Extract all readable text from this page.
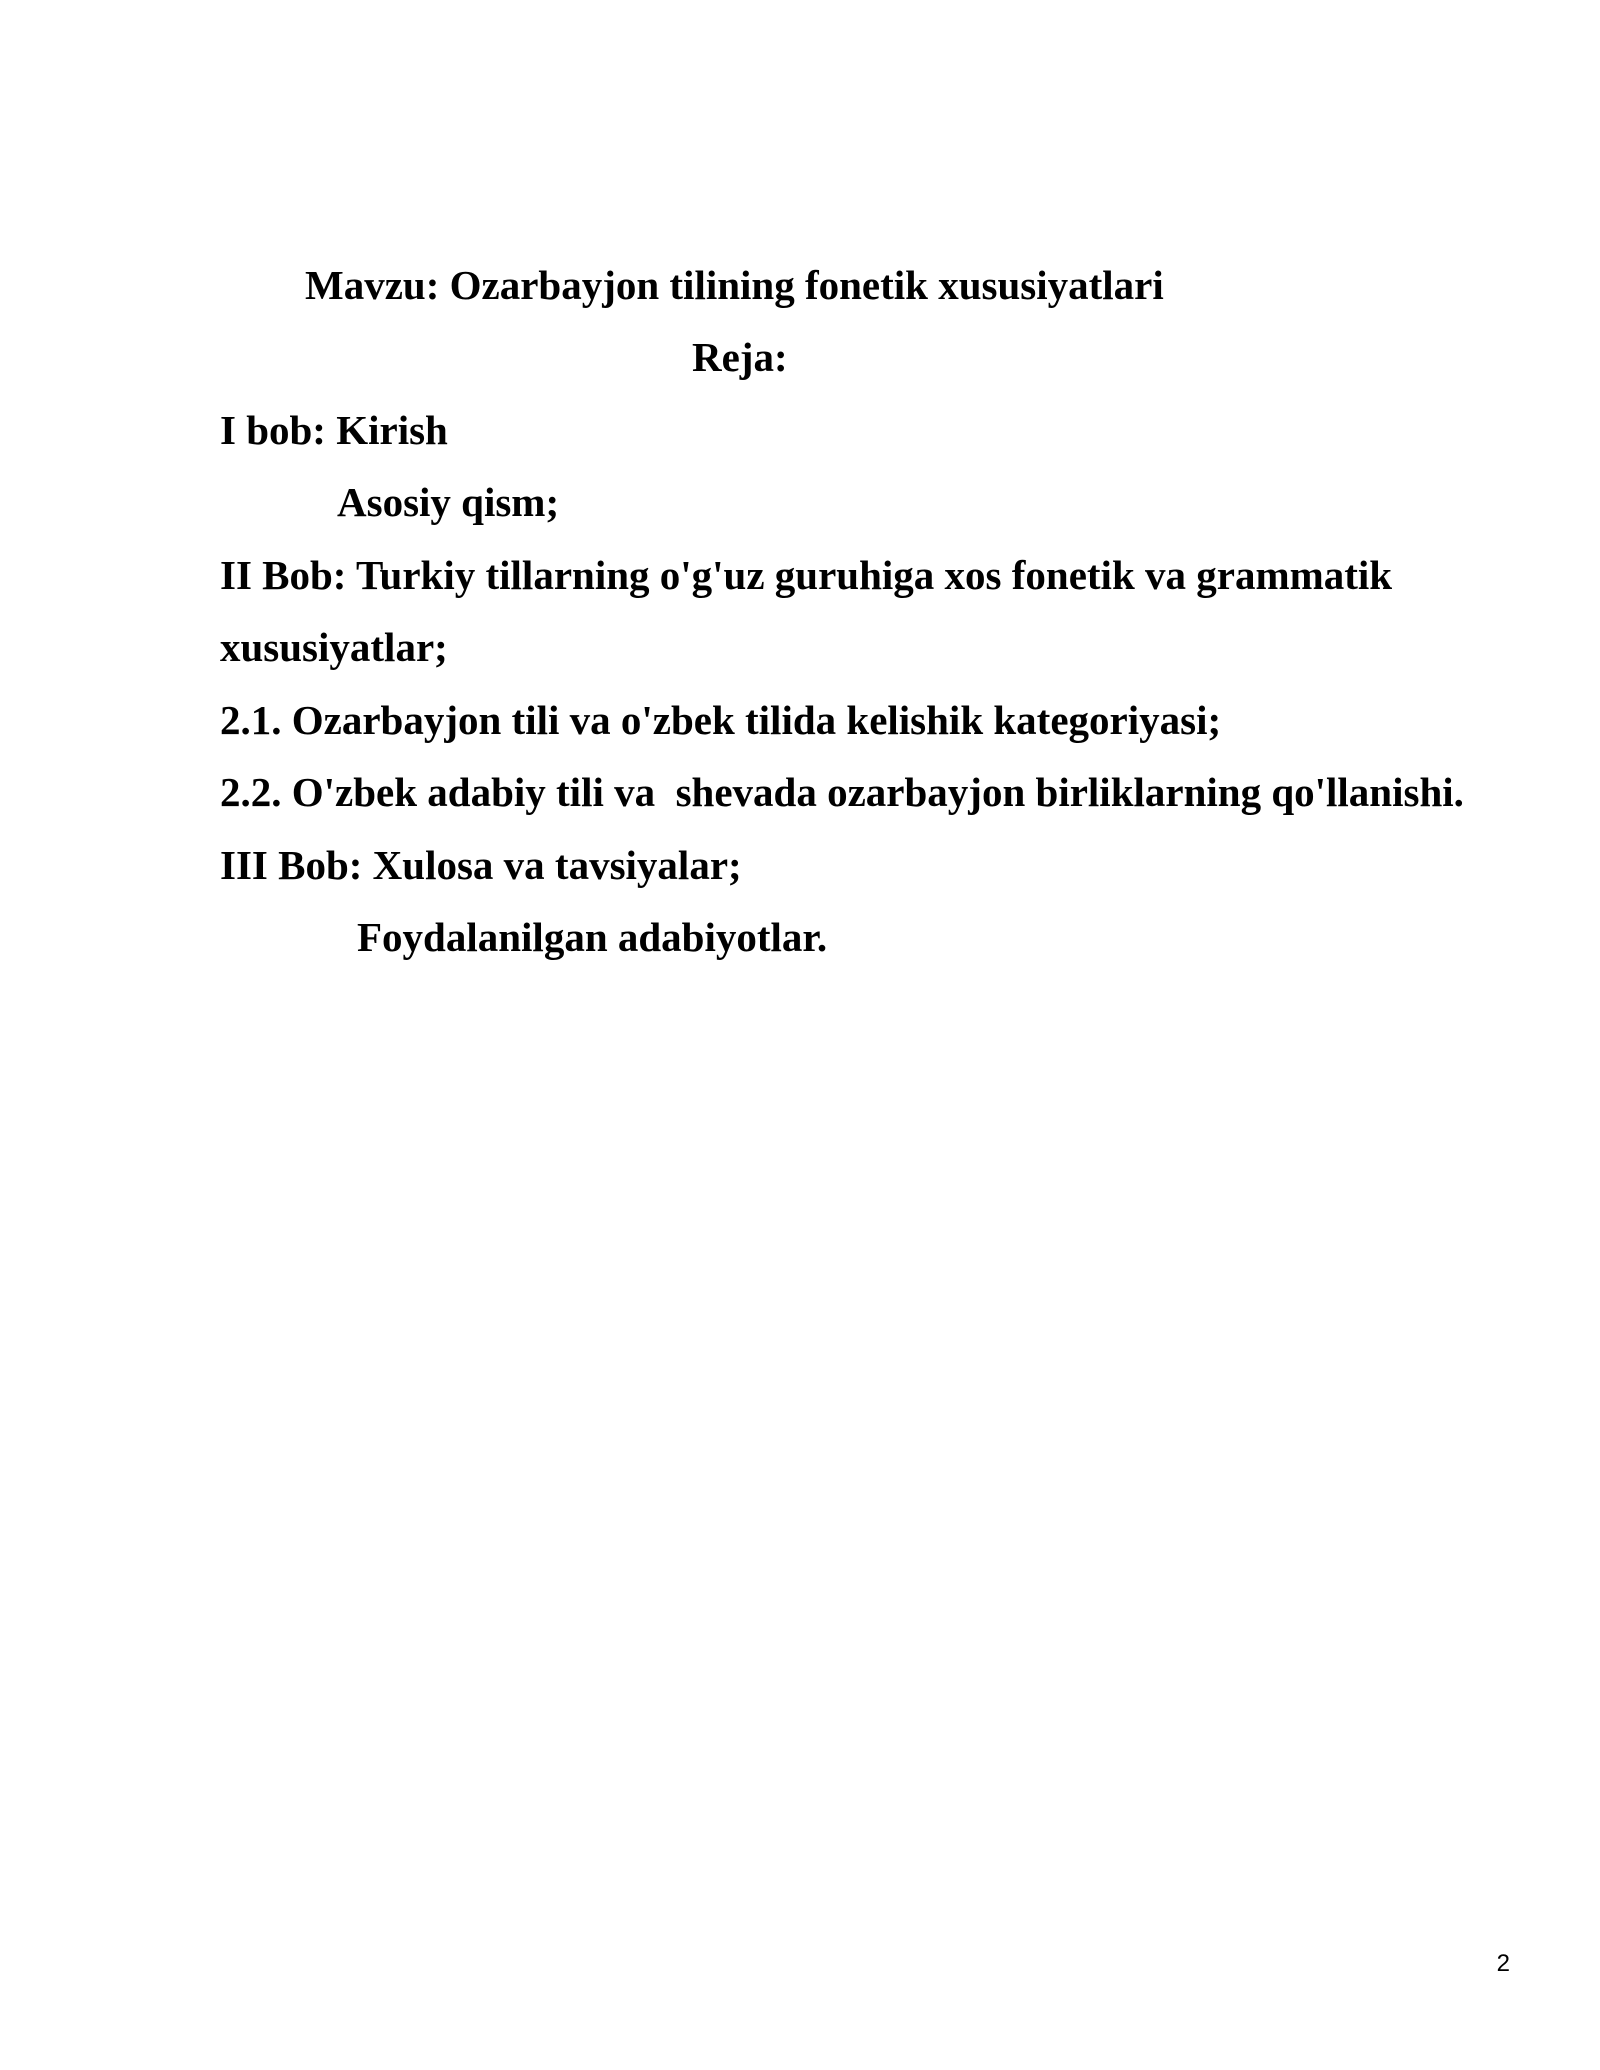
Mavzu: Ozarbayjon tilining fonetik xususiyatlari
Reja:
I bob: Kirish
Asosiy qism;
II Bob: Turkiy tillarning o'g'uz guruhiga xos fonetik va grammatik
xususiyatlar;
2.1. Ozarbayjon tili va o'zbek tilida kelishik kategoriyasi;
2.2. O'zbek adabiy tili va  shevada ozarbayjon birliklarning qo'llanishi.
III Bob: Xulosa va tavsiyalar;
Foydalanilgan adabiyotlar.
2
